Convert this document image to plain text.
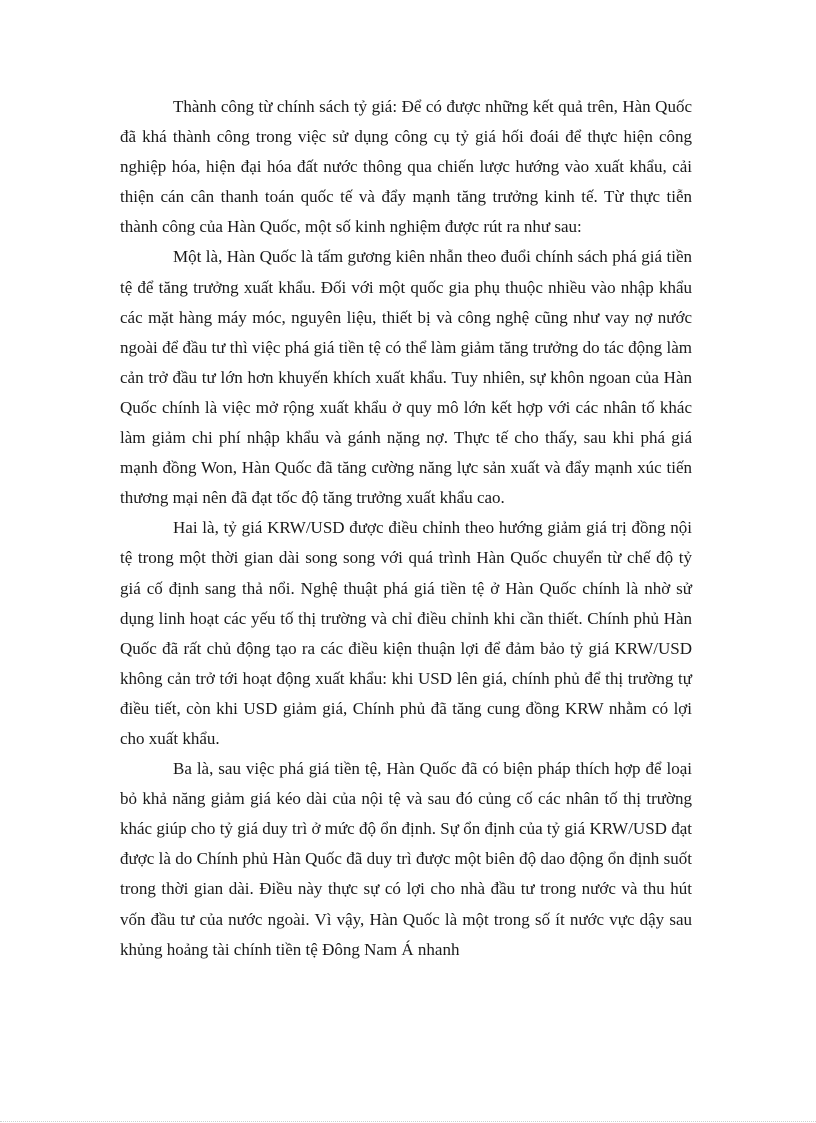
Thành công từ chính sách tỷ giá: Để có được những kết quả trên, Hàn Quốc đã khá thành công trong việc sử dụng công cụ tỷ giá hối đoái để thực hiện công nghiệp hóa, hiện đại hóa đất nước thông qua chiến lược hướng vào xuất khẩu, cải thiện cán cân thanh toán quốc tế và đẩy mạnh tăng trưởng kinh tế. Từ thực tiễn thành công của Hàn Quốc, một số kinh nghiệm được rút ra như sau:

Một là, Hàn Quốc là tấm gương kiên nhẫn theo đuổi chính sách phá giá tiền tệ để tăng trưởng xuất khẩu. Đối với một quốc gia phụ thuộc nhiều vào nhập khẩu các mặt hàng máy móc, nguyên liệu, thiết bị và công nghệ cũng như vay nợ nước ngoài để đầu tư thì việc phá giá tiền tệ có thể làm giảm tăng trưởng do tác động làm cản trở đầu tư lớn hơn khuyến khích xuất khẩu. Tuy nhiên, sự khôn ngoan của Hàn Quốc chính là việc mở rộng xuất khẩu ở quy mô lớn kết hợp với các nhân tố khác làm giảm chi phí nhập khẩu và gánh nặng nợ. Thực tế cho thấy, sau khi phá giá mạnh đồng Won, Hàn Quốc đã tăng cường năng lực sản xuất và đẩy mạnh xúc tiến thương mại nên đã đạt tốc độ tăng trưởng xuất khẩu cao.

Hai là, tỷ giá KRW/USD được điều chỉnh theo hướng giảm giá trị đồng nội tệ trong một thời gian dài song song với quá trình Hàn Quốc chuyển từ chế độ tỷ giá cố định sang thả nổi. Nghệ thuật phá giá tiền tệ ở Hàn Quốc chính là nhờ sử dụng linh hoạt các yếu tố thị trường và chỉ điều chỉnh khi cần thiết. Chính phủ Hàn Quốc đã rất chủ động tạo ra các điều kiện thuận lợi để đảm bảo tỷ giá KRW/USD không cản trở tới hoạt động xuất khẩu: khi USD lên giá, chính phủ để thị trường tự điều tiết, còn khi USD giảm giá, Chính phủ đã tăng cung đồng KRW nhằm có lợi cho xuất khẩu.

Ba là, sau việc phá giá tiền tệ, Hàn Quốc đã có biện pháp thích hợp để loại bỏ khả năng giảm giá kéo dài của nội tệ và sau đó củng cố các nhân tố thị trường khác giúp cho tỷ giá duy trì ở mức độ ổn định. Sự ổn định của tỷ giá KRW/USD đạt được là do Chính phủ Hàn Quốc đã duy trì được một biên độ dao động ổn định suốt trong thời gian dài. Điều này thực sự có lợi cho nhà đầu tư trong nước và thu hút vốn đầu tư của nước ngoài. Vì vậy, Hàn Quốc là một trong số ít nước vực dậy sau khủng hoảng tài chính tiền tệ Đông Nam Á nhanh
